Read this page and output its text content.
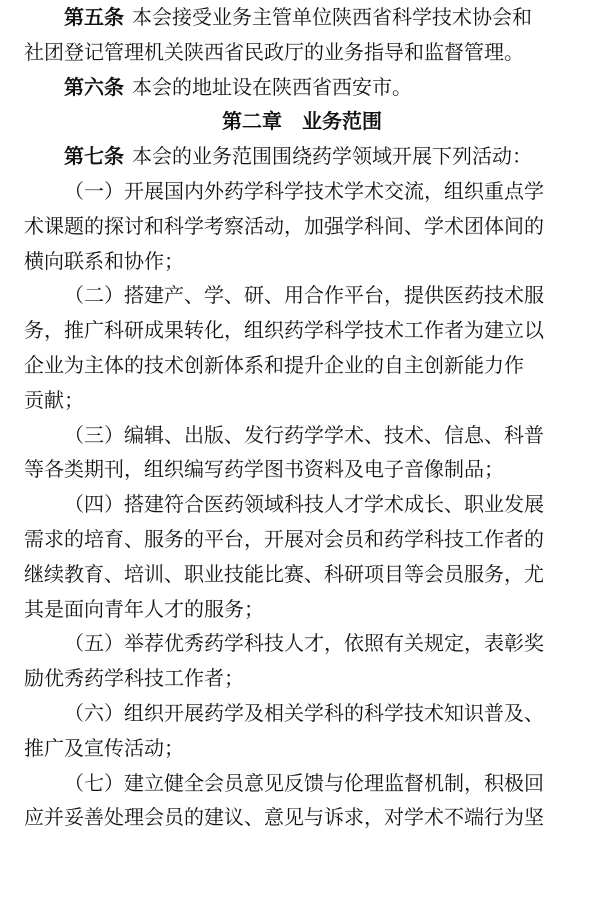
第五条 本会接受业务主管单位陕西省科学技术协会和
社团登记管理机关陕西省民政厅的业务指导和监督管理。
第六条 本会的地址设在陕西省西安市。
第二章 业务范围
第七条 本会的业务范围围绕药学领域开展下列活动：
（一）开展国内外药学科学技术学术交流，组织重点学
术课题的探讨和科学考察活动，加强学科间、学术团体间的
横向联系和协作；
（二）搭建产、学、研、用合作平台，提供医药技术服
务，推广科研成果转化，组织药学科学技术工作者为建立以
企业为主体的技术创新体系和提升企业的自主创新能力作
贡献；
（三）编辑、出版、发行药学学术、技术、信息、科普
等各类期刊，组织编写药学图书资料及电子音像制品；
（四）搭建符合医药领域科技人才学术成长、职业发展
需求的培育、服务的平台，开展对会员和药学科技工作者的
继续教育、培训、职业技能比赛、科研项目等会员服务，尤
其是面向青年人才的服务；
（五）举荐优秀药学科技人才，依照有关规定，表彰奖
励优秀药学科技工作者；
（六）组织开展药学及相关学科的科学技术知识普及、
推广及宣传活动；
（七）建立健全会员意见反馈与伦理监督机制，积极回
应并妥善处理会员的建议、意见与诉求，对学术不端行为坚
